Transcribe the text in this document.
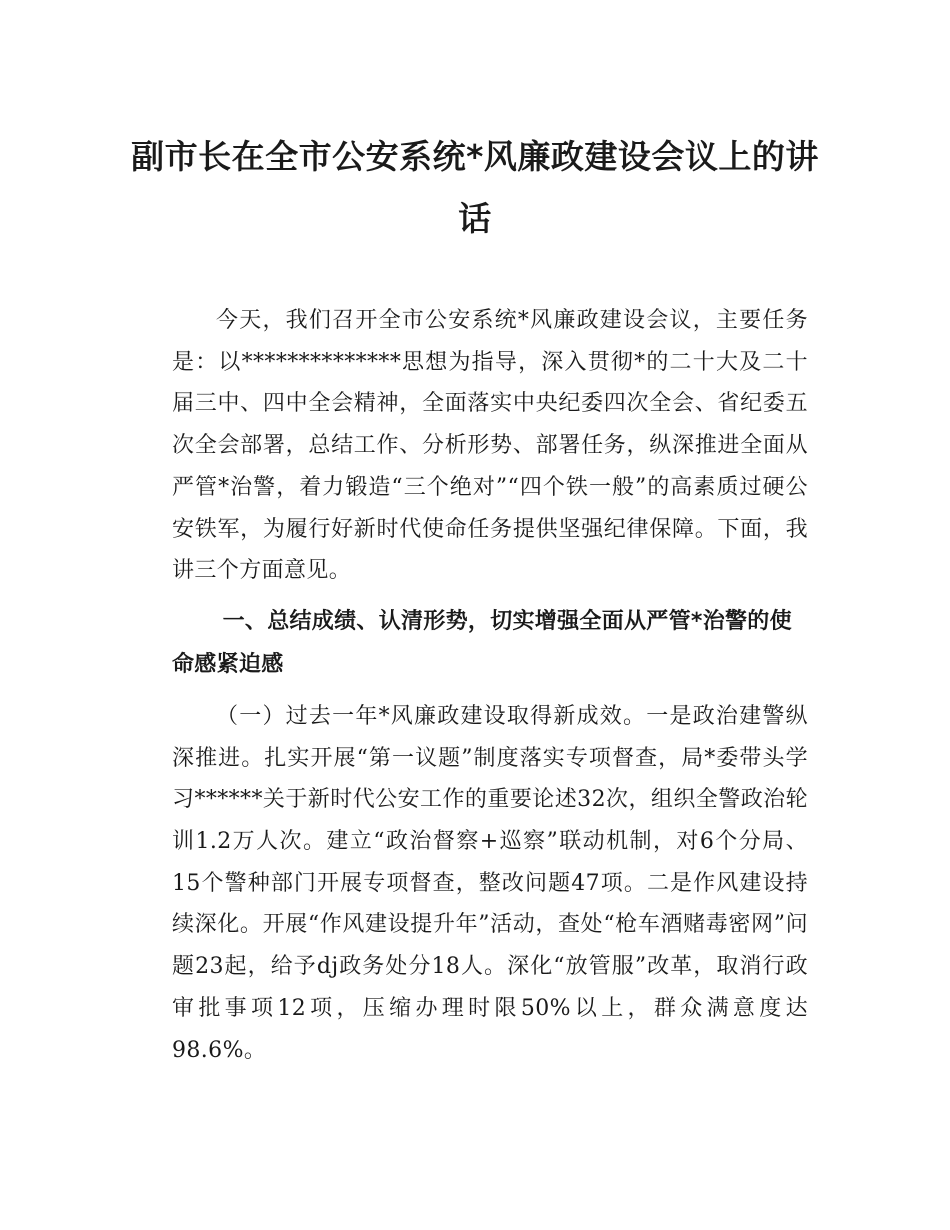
副市长在全市公安系统*风廉政建设会议上的讲话

今天，我们召开全市公安系统*风廉政建设会议，主要任务是：以**************思想为指导，深入贯彻*的二十大及二十届三中、四中全会精神，全面落实中央纪委四次全会、省纪委五次全会部署，总结工作、分析形势、部署任务，纵深推进全面从严管*治警，着力锻造“三个绝对”“四个铁一般”的高素质过硬公安铁军，为履行好新时代使命任务提供坚强纪律保障。下面，我讲三个方面意见。

一、总结成绩、认清形势，切实增强全面从严管*治警的使命感紧迫感

（一）过去一年*风廉政建设取得新成效。一是政治建警纵深推进。扎实开展“第一议题”制度落实专项督查，局*委带头学习******关于新时代公安工作的重要论述32次，组织全警政治轮训1.2万人次。建立“政治督察+巡察”联动机制，对6个分局、15个警种部门开展专项督查，整改问题47项。二是作风建设持续深化。开展“作风建设提升年”活动，查处“枪车酒赌毒密网”问题23起，给予dj政务处分18人。深化“放管服”改革，取消行政审批事项12项，压缩办理时限50%以上，群众满意度达98.6%。
